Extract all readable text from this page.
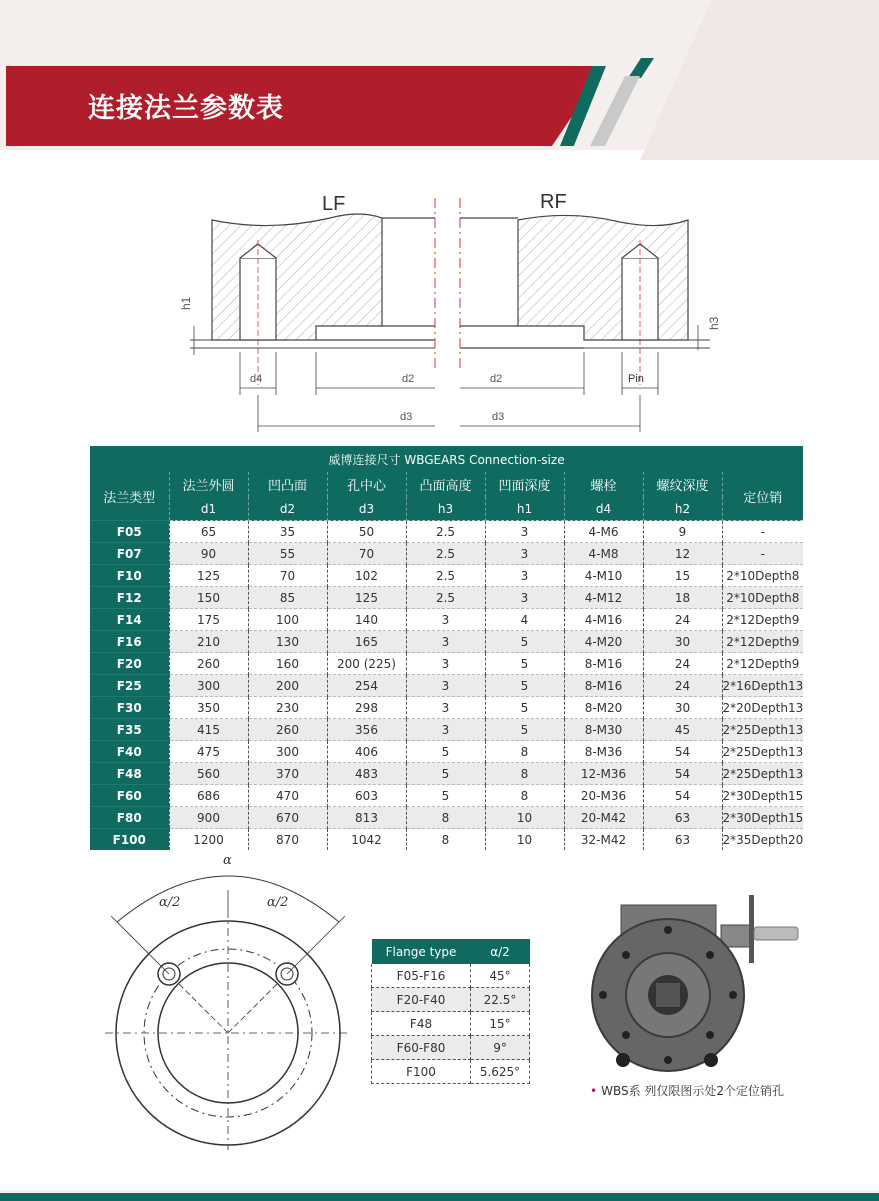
连接法兰参数表
LF	RF
h1
h3
d4	d2	d2	Pin
d3	d3
威博连接尺寸 WBGEARS Connection-size								
法兰类型	法兰外圆	凹凸面	孔中心	凸面高度	凹面深度	螺栓	螺纹深度	定位销
	d1	d2	d3	h3	h1	d4	h2	
F05	65	35	50	2.5	3	4-M6	9	-
F07	90	55	70	2.5	3	4-M8	12	-
F10	125	70	102	2.5	3	4-M10	15	2*10Depth8
F12	150	85	125	2.5	3	4-M12	18	2*10Depth8
F14	175	100	140	3	4	4-M16	24	2*12Depth9
F16	210	130	165	3	5	4-M20	30	2*12Depth9
F20	260	160	200 (225)	3	5	8-M16	24	2*12Depth9
F25	300	200	254	3	5	8-M16	24	2*16Depth13
F30	350	230	298	3	5	8-M20	30	2*20Depth13
F35	415	260	356	3	5	8-M30	45	2*25Depth13
F40	475	300	406	5	8	8-M36	54	2*25Depth13
F48	560	370	483	5	8	12-M36	54	2*25Depth13
F60	686	470	603	5	8	20-M36	54	2*30Depth15
F80	900	670	813	8	10	20-M42	63	2*30Depth15
F100	1200	870	1042	8	10	32-M42	63	2*35Depth20
α
α/2	α/2
Flange type	α/2
F05-F16	45°
F20-F40	22.5°
F48	15°
F60-F80	9°
F100	5.625°
• WBS系 列仅限图示处2个定位销孔
